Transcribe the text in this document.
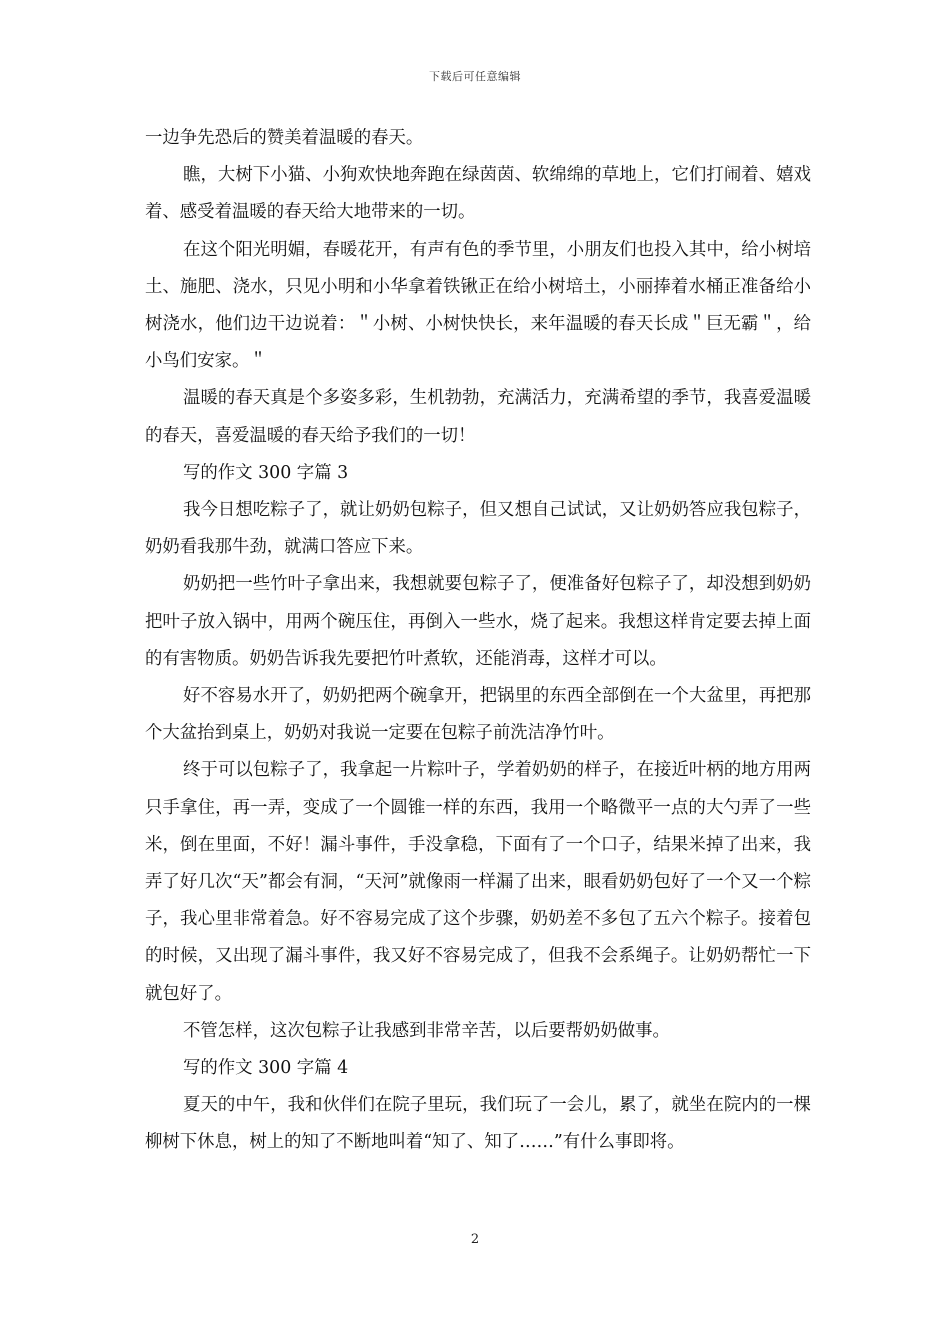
下载后可任意编辑

一边争先恐后的赞美着温暖的春天。

瞧，大树下小猫、小狗欢快地奔跑在绿茵茵、软绵绵的草地上，它们打闹着、嬉戏着、感受着温暖的春天给大地带来的一切。

在这个阳光明媚，春暖花开，有声有色的季节里，小朋友们也投入其中，给小树培土、施肥、浇水，只见小明和小华拿着铁锹正在给小树培土，小丽捧着水桶正准备给小树浇水，他们边干边说着：＂小树、小树快快长，来年温暖的春天长成＂巨无霸＂，给小鸟们安家。＂

温暖的春天真是个多姿多彩，生机勃勃，充满活力，充满希望的季节，我喜爱温暖的春天，喜爱温暖的春天给予我们的一切！

写的作文 300 字篇 3

我今日想吃粽子了，就让奶奶包粽子，但又想自己试试，又让奶奶答应我包粽子，奶奶看我那牛劲，就满口答应下来。

奶奶把一些竹叶子拿出来，我想就要包粽子了，便准备好包粽子了，却没想到奶奶把叶子放入锅中，用两个碗压住，再倒入一些水，烧了起来。我想这样肯定要去掉上面的有害物质。奶奶告诉我先要把竹叶煮软，还能消毒，这样才可以。

好不容易水开了，奶奶把两个碗拿开，把锅里的东西全部倒在一个大盆里，再把那个大盆抬到桌上，奶奶对我说一定要在包粽子前洗洁净竹叶。

终于可以包粽子了，我拿起一片粽叶子，学着奶奶的样子，在接近叶柄的地方用两只手拿住，再一弄，变成了一个圆锥一样的东西，我用一个略微平一点的大勺弄了一些米，倒在里面，不好！漏斗事件，手没拿稳，下面有了一个口子，结果米掉了出来，我弄了好几次“天”都会有洞，“天河”就像雨一样漏了出来，眼看奶奶包好了一个又一个粽子，我心里非常着急。好不容易完成了这个步骤，奶奶差不多包了五六个粽子。接着包的时候，又出现了漏斗事件，我又好不容易完成了，但我不会系绳子。让奶奶帮忙一下就包好了。

不管怎样，这次包粽子让我感到非常辛苦，以后要帮奶奶做事。

写的作文 300 字篇 4

夏天的中午，我和伙伴们在院子里玩，我们玩了一会儿，累了，就坐在院内的一棵柳树下休息，树上的知了不断地叫着“知了、知了……”有什么事即将。

2
